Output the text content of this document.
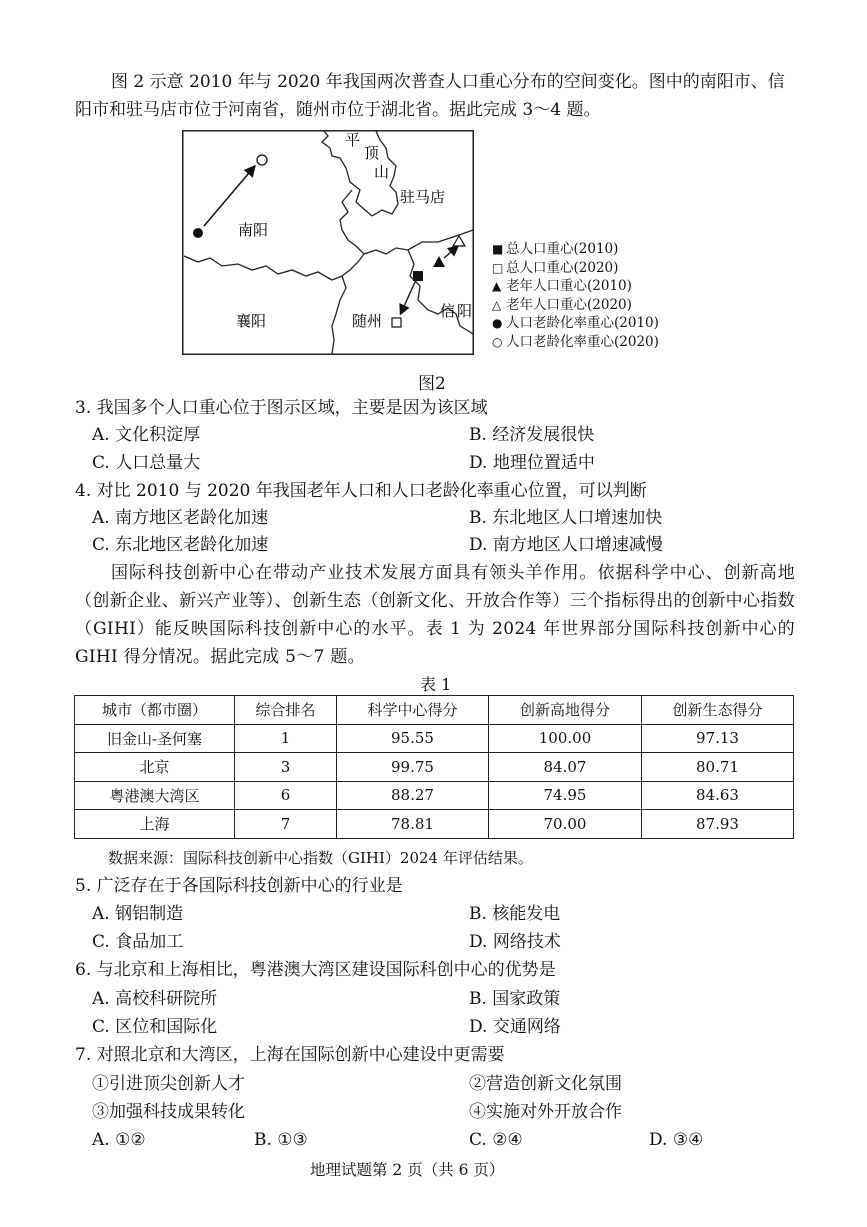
图 2 示意 2010 年与 2020 年我国两次普查人口重心分布的空间变化。图中的南阳市、信
阳市和驻马店市位于河南省，随州市位于湖北省。据此完成 3～4 题。
平
顶
山
驻马店
南阳
襄阳	随州
信 阳
■ 总人口重心(2010)
□ 总人口重心(2020)
▲ 老年人口重心(2010)
△ 老年人口重心(2020)
● 人口老龄化率重心(2010)
○ 人口老龄化率重心(2020)
图2
3. 我国多个人口重心位于图示区域，主要是因为该区域
A. 文化积淀厚	B. 经济发展很快
C. 人口总量大	D. 地理位置适中
4. 对比 2010 与 2020 年我国老年人口和人口老龄化率重心位置，可以判断
A. 南方地区老龄化加速	B. 东北地区人口增速加快
C. 东北地区老龄化加速	D. 南方地区人口增速减慢
国际科技创新中心在带动产业技术发展方面具有领头羊作用。依据科学中心、创新高地（创新企业、新兴产业等）、创新生态（创新文化、开放合作等）三个指标得出的创新中心指数（GIHI）能反映国际科技创新中心的水平。表 1 为 2024 年世界部分国际科技创新中心的 GIHI 得分情况。据此完成 5～7 题。
表 1
城市（都市圈）	综合排名	科学中心得分	创新高地得分	创新生态得分
旧金山-圣何塞	1	95.55	100.00	97.13
北京	3	99.75	84.07	80.71
粤港澳大湾区	6	88.27	74.95	84.63
上海	7	78.81	70.00	87.93
数据来源：国际科技创新中心指数（GIHI）2024 年评估结果。
5. 广泛存在于各国际科技创新中心的行业是
A. 钢铝制造	B. 核能发电
C. 食品加工	D. 网络技术
6. 与北京和上海相比，粤港澳大湾区建设国际科创中心的优势是
A. 高校科研院所	B. 国家政策
C. 区位和国际化	D. 交通网络
7. 对照北京和大湾区，上海在国际创新中心建设中更需要
①引进顶尖创新人才	②营造创新文化氛围
③加强科技成果转化	④实施对外开放合作
A. ①②	B. ①③	C. ②④	D. ③④
地理试题第 2 页（共 6 页）
